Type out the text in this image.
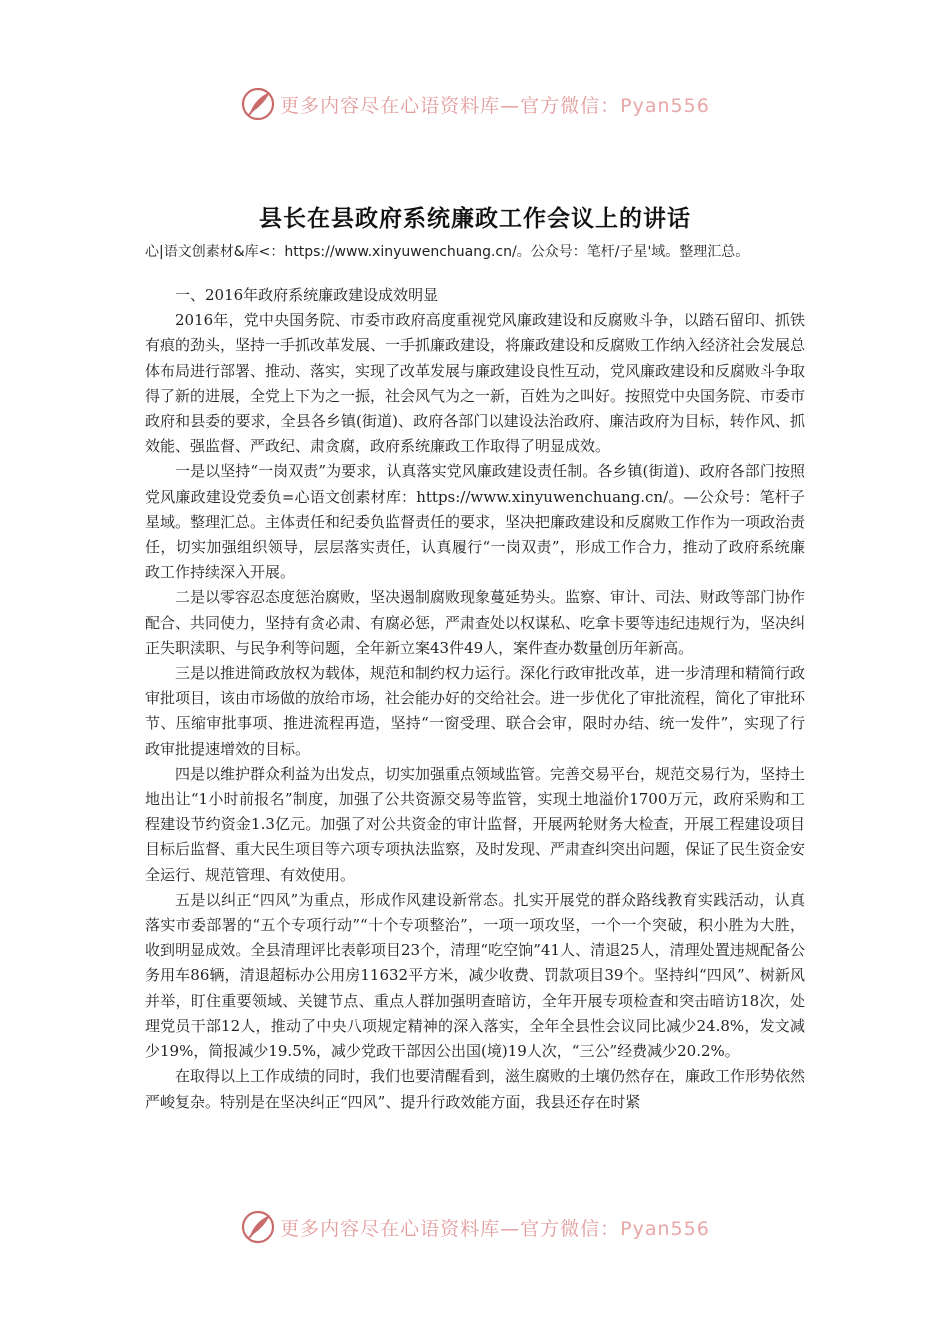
更多内容尽在心语资料库—官方微信：Pyan556
县长在县政府系统廉政工作会议上的讲话

心|语文创素材&库<：https://www.xinyuwenchuang.cn/。公众号：笔杆/子星'域。整理汇总。

一、2016年政府系统廉政建设成效明显

2016年，党中央国务院、市委市政府高度重视党风廉政建设和反腐败斗争，以踏石留印、抓铁有痕的劲头，坚持一手抓改革发展、一手抓廉政建设，将廉政建设和反腐败工作纳入经济社会发展总体布局进行部署、推动、落实，实现了改革发展与廉政建设良性互动，党风廉政建设和反腐败斗争取得了新的进展，全党上下为之一振，社会风气为之一新，百姓为之叫好。按照党中央国务院、市委市政府和县委的要求，全县各乡镇(街道)、政府各部门以建设法治政府、廉洁政府为目标，转作风、抓效能、强监督、严政纪、肃贪腐，政府系统廉政工作取得了明显成效。

一是以坚持“一岗双责”为要求，认真落实党风廉政建设责任制。各乡镇(街道)、政府各部门按照党风廉政建设党委负=心语文创素材库：https://www.xinyuwenchuang.cn/。—公众号：笔杆子星域。整理汇总。主体责任和纪委负监督责任的要求，坚决把廉政建设和反腐败工作作为一项政治责任，切实加强组织领导，层层落实责任，认真履行“一岗双责”，形成工作合力，推动了政府系统廉政工作持续深入开展。

二是以零容忍态度惩治腐败，坚决遏制腐败现象蔓延势头。监察、审计、司法、财政等部门协作配合、共同使力，坚持有贪必肃、有腐必惩，严肃查处以权谋私、吃拿卡要等违纪违规行为，坚决纠正失职渎职、与民争利等问题，全年新立案43件49人，案件查办数量创历年新高。

三是以推进简政放权为载体，规范和制约权力运行。深化行政审批改革，进一步清理和精简行政审批项目，该由市场做的放给市场，社会能办好的交给社会。进一步优化了审批流程，简化了审批环节、压缩审批事项、推进流程再造，坚持“一窗受理、联合会审，限时办结、统一发件”，实现了行政审批提速增效的目标。

四是以维护群众利益为出发点，切实加强重点领域监管。完善交易平台，规范交易行为，坚持土地出让“1小时前报名”制度，加强了公共资源交易等监管，实现土地溢价1700万元，政府采购和工程建设节约资金1.3亿元。加强了对公共资金的审计监督，开展两轮财务大检查，开展工程建设项目目标后监督、重大民生项目等六项专项执法监察，及时发现、严肃查纠突出问题，保证了民生资金安全运行、规范管理、有效使用。

五是以纠正“四风”为重点，形成作风建设新常态。扎实开展党的群众路线教育实践活动，认真落实市委部署的“五个专项行动”“十个专项整治”，一项一项攻坚，一个一个突破，积小胜为大胜，收到明显成效。全县清理评比表彰项目23个，清理“吃空饷”41人、清退25人，清理处置违规配备公务用车86辆，清退超标办公用房11632平方米，减少收费、罚款项目39个。坚持纠“四风”、树新风并举，盯住重要领域、关键节点、重点人群加强明查暗访，全年开展专项检查和突击暗访18次，处理党员干部12人，推动了中央八项规定精神的深入落实，全年全县性会议同比减少24.8%，发文减少19%，简报减少19.5%，减少党政干部因公出国(境)19人次，“三公”经费减少20.2%。

在取得以上工作成绩的同时，我们也要清醒看到，滋生腐败的土壤仍然存在，廉政工作形势依然严峻复杂。特别是在坚决纠正“四风”、提升行政效能方面，我县还存在时紧

更多内容尽在心语资料库—官方微信：Pyan556
